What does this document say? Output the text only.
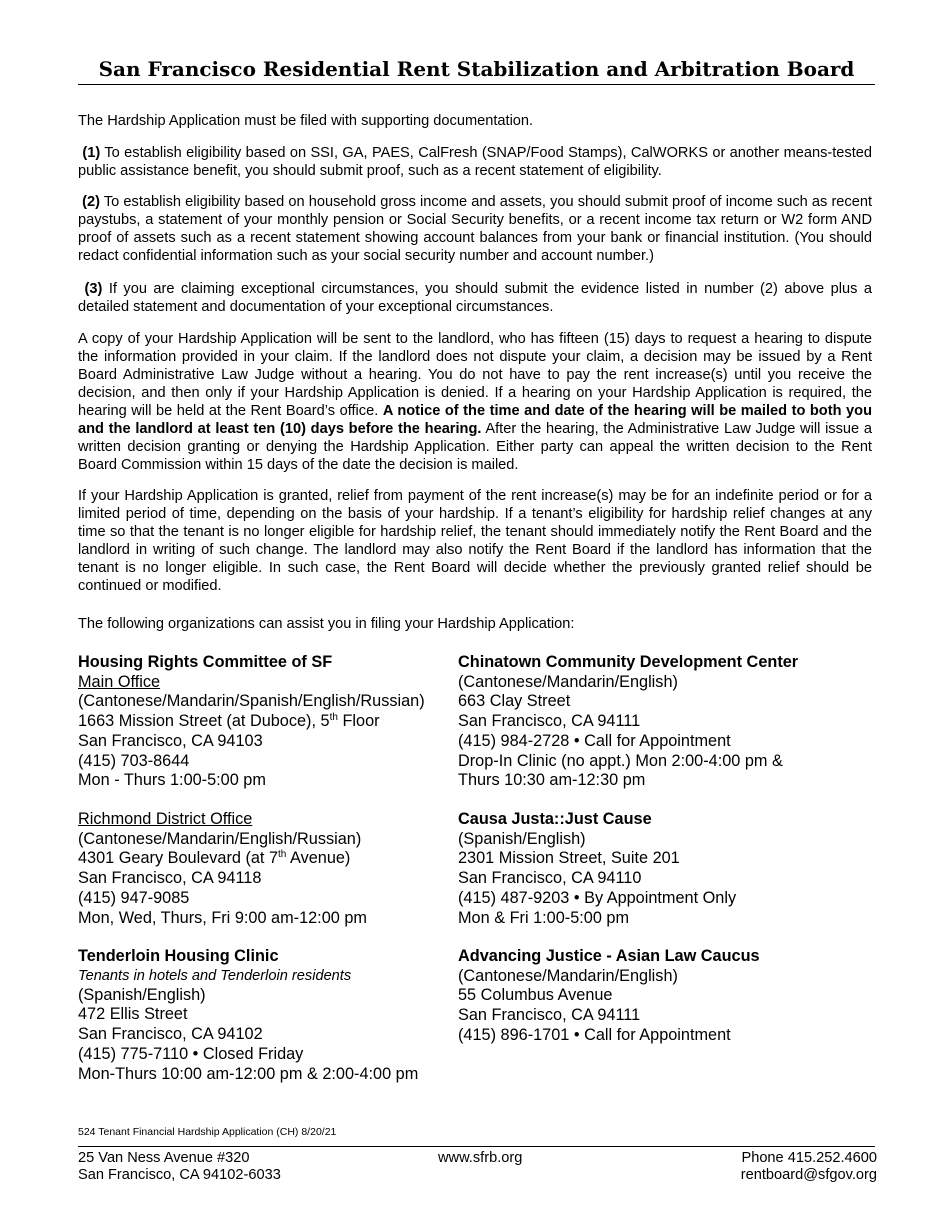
San Francisco Residential Rent Stabilization and Arbitration Board

The Hardship Application must be filed with supporting documentation.

(1) To establish eligibility based on SSI, GA, PAES, CalFresh (SNAP/Food Stamps), CalWORKS or another means-tested public assistance benefit, you should submit proof, such as a recent statement of eligibility.

(2) To establish eligibility based on household gross income and assets, you should submit proof of income such as recent paystubs, a statement of your monthly pension or Social Security benefits, or a recent income tax return or W2 form AND proof of assets such as a recent statement showing account balances from your bank or financial institution. (You should redact confidential information such as your social security number and account number.)

(3) If you are claiming exceptional circumstances, you should submit the evidence listed in number (2) above plus a detailed statement and documentation of your exceptional circumstances.

A copy of your Hardship Application will be sent to the landlord, who has fifteen (15) days to request a hearing to dispute the information provided in your claim. If the landlord does not dispute your claim, a decision may be issued by a Rent Board Administrative Law Judge without a hearing. You do not have to pay the rent increase(s) until you receive the decision, and then only if your Hardship Application is denied. If a hearing on your Hardship Application is required, the hearing will be held at the Rent Board’s office. A notice of the time and date of the hearing will be mailed to both you and the landlord at least ten (10) days before the hearing. After the hearing, the Administrative Law Judge will issue a written decision granting or denying the Hardship Application. Either party can appeal the written decision to the Rent Board Commission within 15 days of the date the decision is mailed.

If your Hardship Application is granted, relief from payment of the rent increase(s) may be for an indefinite period or for a limited period of time, depending on the basis of your hardship. If a tenant’s eligibility for hardship relief changes at any time so that the tenant is no longer eligible for hardship relief, the tenant should immediately notify the Rent Board and the landlord in writing of such change. The landlord may also notify the Rent Board if the landlord has information that the tenant is no longer eligible. In such case, the Rent Board will decide whether the previously granted relief should be continued or modified.

The following organizations can assist you in filing your Hardship Application:

Housing Rights Committee of SF
Main Office
(Cantonese/Mandarin/Spanish/English/Russian)
1663 Mission Street (at Duboce), 5th Floor
San Francisco, CA 94103
(415) 703-8644
Mon - Thurs 1:00-5:00 pm
Richmond District Office
(Cantonese/Mandarin/English/Russian)
4301 Geary Boulevard (at 7th Avenue)
San Francisco, CA 94118
(415) 947-9085
Mon, Wed, Thurs, Fri 9:00 am-12:00 pm
Tenderloin Housing Clinic
Tenants in hotels and Tenderloin residents
(Spanish/English)
472 Ellis Street
San Francisco, CA 94102
(415) 775-7110 • Closed Friday
Mon-Thurs 10:00 am-12:00 pm & 2:00-4:00 pm
Chinatown Community Development Center
(Cantonese/Mandarin/English)
663 Clay Street
San Francisco, CA 94111
(415) 984-2728 • Call for Appointment
Drop-In Clinic (no appt.) Mon 2:00-4:00 pm &
Thurs 10:30 am-12:30 pm
Causa Justa::Just Cause
(Spanish/English)
2301 Mission Street, Suite 201
San Francisco, CA 94110
(415) 487-9203 • By Appointment Only
Mon & Fri 1:00-5:00 pm
Advancing Justice - Asian Law Caucus
(Cantonese/Mandarin/English)
55 Columbus Avenue
San Francisco, CA 94111
(415) 896-1701 • Call for Appointment
524 Tenant Financial Hardship Application (CH) 8/20/21
25 Van Ness Avenue #320
San Francisco, CA 94102-6033
www.sfrb.org	Phone 415.252.4600
rentboard@sfgov.org
